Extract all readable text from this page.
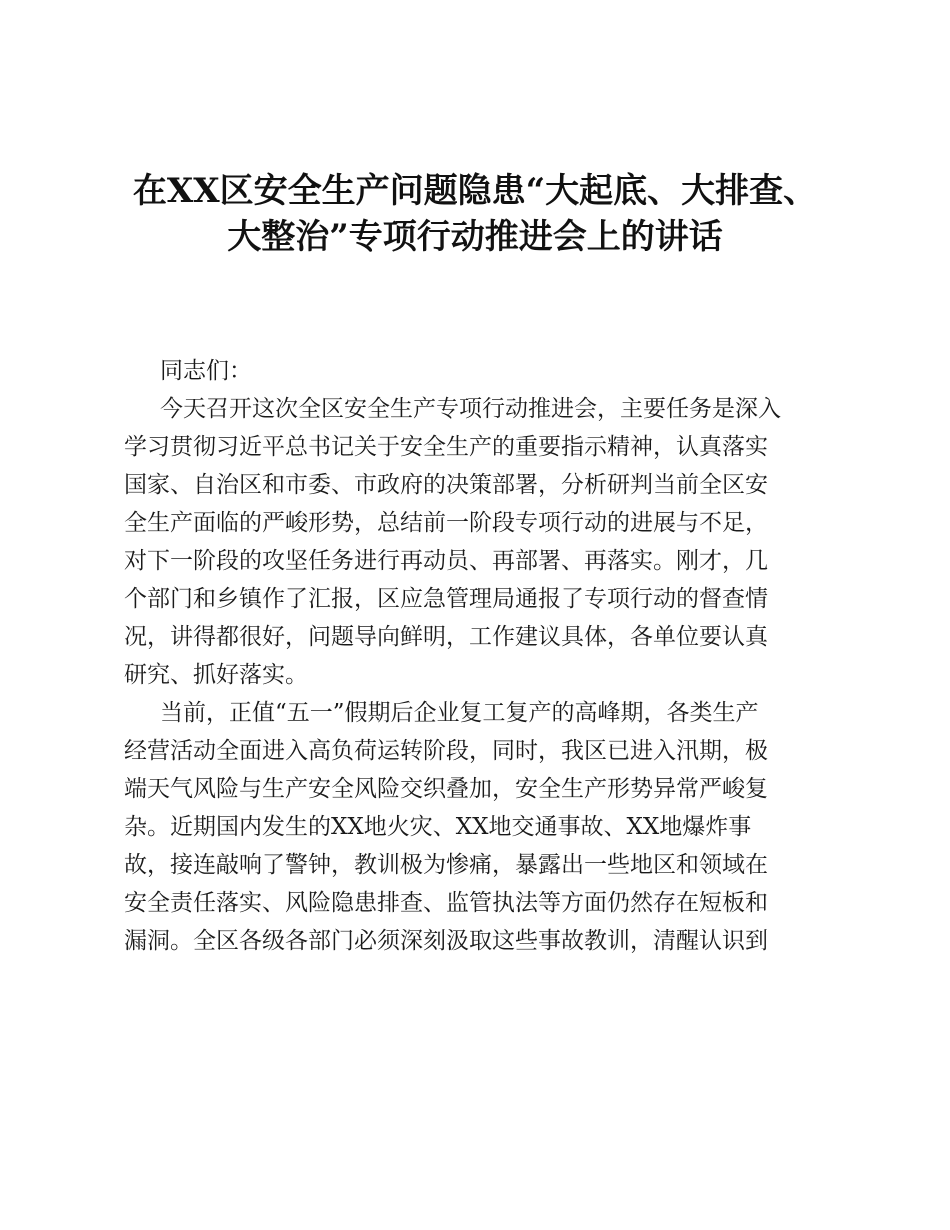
在XX区安全生产问题隐患“大起底、大排查、
大整治”专项行动推进会上的讲话

同志们：

今天召开这次全区安全生产专项行动推进会，主要任务是深入
学习贯彻习近平总书记关于安全生产的重要指示精神，认真落实
国家、自治区和市委、市政府的决策部署，分析研判当前全区安
全生产面临的严峻形势，总结前一阶段专项行动的进展与不足，
对下一阶段的攻坚任务进行再动员、再部署、再落实。刚才，几
个部门和乡镇作了汇报，区应急管理局通报了专项行动的督查情
况，讲得都很好，问题导向鲜明，工作建议具体，各单位要认真
研究、抓好落实。
当前，正值“五一”假期后企业复工复产的高峰期，各类生产
经营活动全面进入高负荷运转阶段，同时，我区已进入汛期，极
端天气风险与生产安全风险交织叠加，安全生产形势异常严峻复
杂。近期国内发生的XX地火灾、XX地交通事故、XX地爆炸事
故，接连敲响了警钟，教训极为惨痛，暴露出一些地区和领域在
安全责任落实、风险隐患排查、监管执法等方面仍然存在短板和
漏洞。全区各级各部门必须深刻汲取这些事故教训，清醒认识到
